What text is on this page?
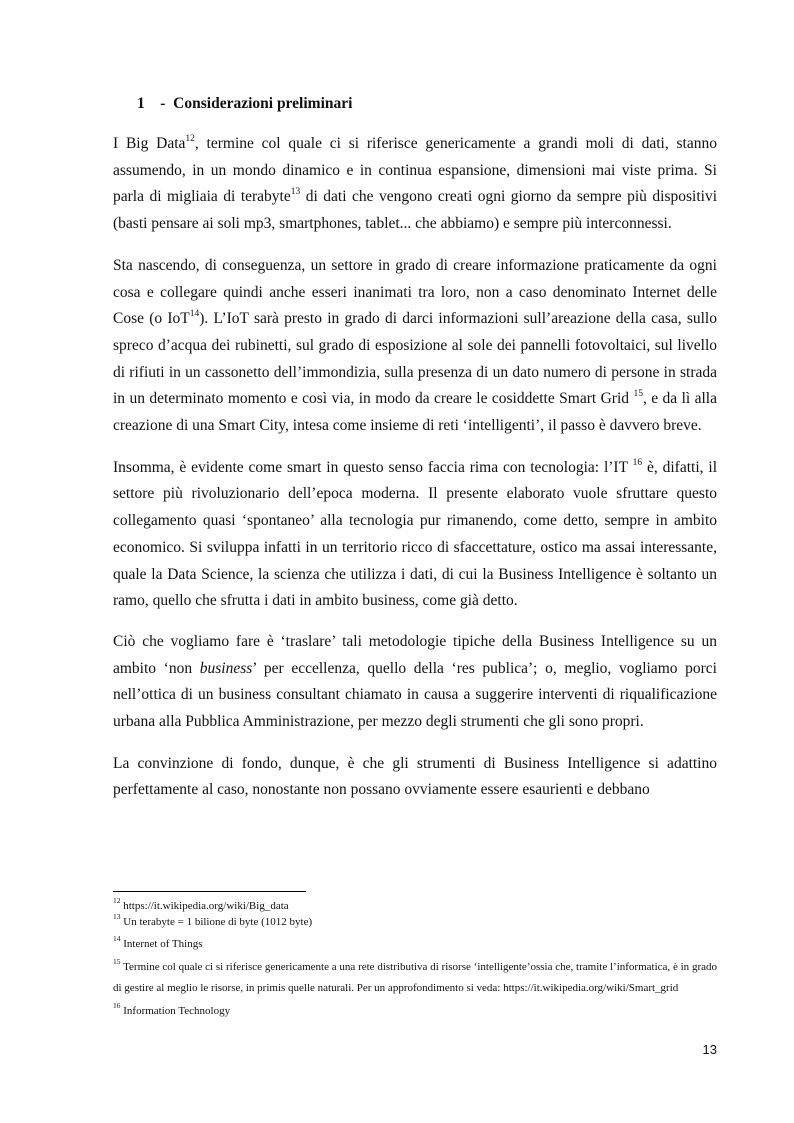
1 - Considerazioni preliminari

I Big Data$^{12}$, termine col quale ci si riferisce genericamente a grandi moli di dati, stanno assumendo, in un mondo dinamico e in continua espansione, dimensioni mai viste prima. Si parla di migliaia di terabyte$^{13}$ di dati che vengono creati ogni giorno da sempre più dispositivi (basti pensare ai soli mp3, smartphones, tablet... che abbiamo) e sempre più interconnessi.

Sta nascendo, di conseguenza, un settore in grado di creare informazione praticamente da ogni cosa e collegare quindi anche esseri inanimati tra loro, non a caso denominato Internet delle Cose (o IoT$^{14}$). L’IoT sarà presto in grado di darci informazioni sull’areazione della casa, sullo spreco d’acqua dei rubinetti, sul grado di esposizione al sole dei pannelli fotovoltaici, sul livello di rifiuti in un cassonetto dell’immondizia, sulla presenza di un dato numero di persone in strada in un determinato momento e così via, in modo da creare le cosiddette Smart Grid $^{15}$, e da lì alla creazione di una Smart City, intesa come insieme di reti ‘intelligenti’, il passo è davvero breve.

Insomma, è evidente come smart in questo senso faccia rima con tecnologia: l’IT $^{16}$ è, difatti, il settore più rivoluzionario dell’epoca moderna. Il presente elaborato vuole sfruttare questo collegamento quasi ‘spontaneo’ alla tecnologia pur rimanendo, come detto, sempre in ambito economico. Si sviluppa infatti in un territorio ricco di sfaccettature, ostico ma assai interessante, quale la Data Science, la scienza che utilizza i dati, di cui la Business Intelligence è soltanto un ramo, quello che sfrutta i dati in ambito business, come già detto.

Ciò che vogliamo fare è ‘traslare’ tali metodologie tipiche della Business Intelligence su un ambito ‘non business’ per eccellenza, quello della ‘res publica’; o, meglio, vogliamo porci nell’ottica di un business consultant chiamato in causa a suggerire interventi di riqualificazione urbana alla Pubblica Amministrazione, per mezzo degli strumenti che gli sono propri.

La convinzione di fondo, dunque, è che gli strumenti di Business Intelligence si adattino perfettamente al caso, nonostante non possano ovviamente essere esaurienti e debbano

$^{12}$ https://it.wikipedia.org/wiki/Big_data
$^{13}$ Un terabyte = 1 bilione di byte (1012 byte)
$^{14}$ Internet of Things
$^{15}$ Termine col quale ci si riferisce genericamente a una rete distributiva di risorse ‘intelligente’ossia che, tramite l’informatica, è in grado di gestire al meglio le risorse, in primis quelle naturali. Per un approfondimento si veda: https://it.wikipedia.org/wiki/Smart_grid
$^{16}$ Information Technology
13
